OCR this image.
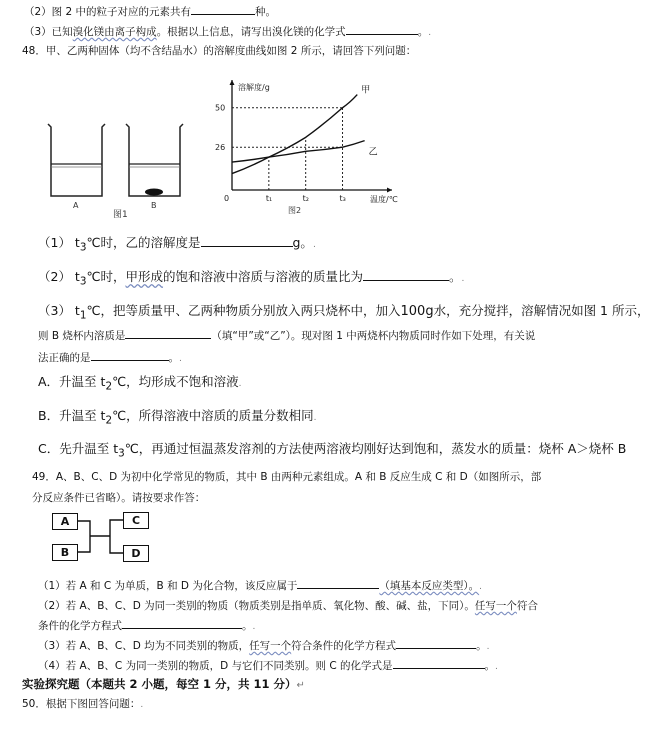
（2）图 2 中的粒子对应的元素共有	种。
（3）已知溴化镁由离子构成。根据以上信息，请写出溴化镁的化学式	。.
48．甲、乙两种固体（均不含结晶水）的溶解度曲线如图 2 所示，请回答下列问题：
A	B
图1
溶解度/g
温度/℃
0
图2
26
50
t₁	t₂	t₃
甲
乙
（1） $t_3℃$时，乙的溶解度是	g。.
（2） $t_3℃$时，甲形成的饱和溶液中溶质与溶液的质量比为	。.
（3） $t_1℃$，把等质量甲、乙两种物质分别放入两只烧杯中，加入100g水，充分搅拌，溶解情况如图 1 所示，
则 B 烧杯内溶质是	（填“甲”或“乙”）。现对图 1 中两烧杯内物质同时作如下处理，有关说
法正确的是	。.
A．升温至 $t_2℃$，均形成不饱和溶液.
B．升温至 $t_2℃$，所得溶液中溶质的质量分数相同.
C．先升温至 $t_3℃$，再通过恒温蒸发溶剂的方法使两溶液均刚好达到饱和，蒸发水的质量：烧杯 A＞烧杯 B
49．A、B、C、D 为初中化学常见的物质，其中 B 由两种元素组成。A 和 B 反应生成 C 和 D（如图所示，部
分反应条件已省略）。请按要求作答：
A
B
C
D
（1）若 A 和 C 为单质，B 和 D 为化合物，该反应属于	（填基本反应类型）。.
（2）若 A、B、C、D 为同一类别的物质（物质类别是指单质、氧化物、酸、碱、盐，下同）。任写一个符合
条件的化学方程式	。.
（3）若 A、B、C、D 均为不同类别的物质，任写一个符合条件的化学方程式	。.
（4）若 A、B、C 为同一类别的物质，D 与它们不同类别。则 C 的化学式是	。.
实验探究题（本题共 2 小题，每空 1 分，共 11 分）↵
50．根据下图回答问题：.
